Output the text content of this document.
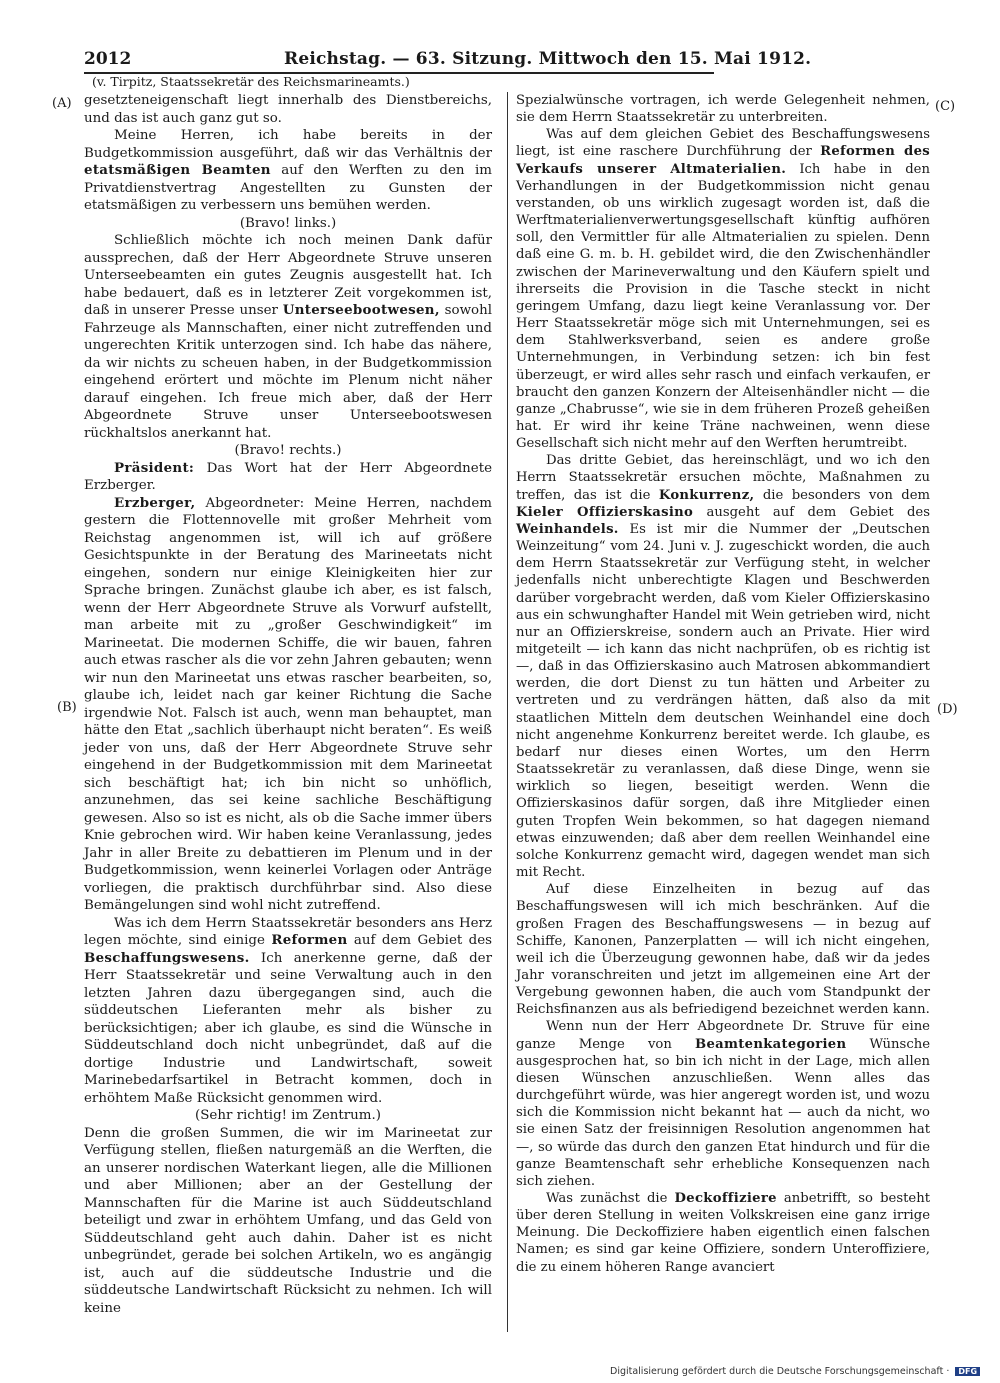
2012	Reichstag. — 63. Sitzung. Mittwoch den 15. Mai 1912.
(v. Tirpitz, Staatssekretär des Reichsmarineamts.)
(A)
(B)
(C)
(D)

gesetzteneigenschaft liegt innerhalb des Dienstbereichs, und das ist auch ganz gut so.

Meine Herren, ich habe bereits in der Budgetkommission ausgeführt, daß wir das Verhältnis der etatsmäßigen Beamten auf den Werften zu den im Privatdienstvertrag Angestellten zu Gunsten der etatsmäßigen zu verbessern uns bemühen werden.

(Bravo! links.)

Schließlich möchte ich noch meinen Dank dafür aussprechen, daß der Herr Abgeordnete Struve unseren Unterseebeamten ein gutes Zeugnis ausgestellt hat. Ich habe bedauert, daß es in letzterer Zeit vorgekommen ist, daß in unserer Presse unser Unterseebootwesen, sowohl Fahrzeuge als Mannschaften, einer nicht zutreffenden und ungerechten Kritik unterzogen sind. Ich habe das nähere, da wir nichts zu scheuen haben, in der Budgetkommission eingehend erörtert und möchte im Plenum nicht näher darauf eingehen. Ich freue mich aber, daß der Herr Abgeordnete Struve unser Unterseebootswesen rückhaltslos anerkannt hat.

(Bravo! rechts.)

Präsident: Das Wort hat der Herr Abgeordnete Erzberger.

Erzberger, Abgeordneter: Meine Herren, nachdem gestern die Flottennovelle mit großer Mehrheit vom Reichstag angenommen ist, will ich auf größere Gesichtspunkte in der Beratung des Marineetats nicht eingehen, sondern nur einige Kleinigkeiten hier zur Sprache bringen. Zunächst glaube ich aber, es ist falsch, wenn der Herr Abgeordnete Struve als Vorwurf aufstellt, man arbeite mit zu „großer Geschwindigkeit“ im Marineetat. Die modernen Schiffe, die wir bauen, fahren auch etwas rascher als die vor zehn Jahren gebauten; wenn wir nun den Marineetat uns etwas rascher bearbeiten, so, glaube ich, leidet nach gar keiner Richtung die Sache irgendwie Not. Falsch ist auch, wenn man behauptet, man hätte den Etat „sachlich überhaupt nicht beraten“. Es weiß jeder von uns, daß der Herr Abgeordnete Struve sehr eingehend in der Budgetkommission mit dem Marineetat sich beschäftigt hat; ich bin nicht so unhöflich, anzunehmen, das sei keine sachliche Beschäftigung gewesen. Also so ist es nicht, als ob die Sache immer übers Knie gebrochen wird. Wir haben keine Veranlassung, jedes Jahr in aller Breite zu debattieren im Plenum und in der Budgetkommission, wenn keinerlei Vorlagen oder Anträge vorliegen, die praktisch durchführbar sind. Also diese Bemängelungen sind wohl nicht zutreffend.

Was ich dem Herrn Staatssekretär besonders ans Herz legen möchte, sind einige Reformen auf dem Gebiet des Beschaffungswesens. Ich anerkenne gerne, daß der Herr Staatssekretär und seine Verwaltung auch in den letzten Jahren dazu übergegangen sind, auch die süddeutschen Lieferanten mehr als bisher zu berücksichtigen; aber ich glaube, es sind die Wünsche in Süddeutschland doch nicht unbegründet, daß auf die dortige Industrie und Landwirtschaft, soweit Marinebedarfsartikel in Betracht kommen, doch in erhöhtem Maße Rücksicht genommen wird.

(Sehr richtig! im Zentrum.)

Denn die großen Summen, die wir im Marineetat zur Verfügung stellen, fließen naturgemäß an die Werften, die an unserer nordischen Waterkant liegen, alle die Millionen und aber Millionen; aber an der Gestellung der Mannschaften für die Marine ist auch Süddeutschland beteiligt und zwar in erhöhtem Umfang, und das Geld von Süddeutschland geht auch dahin. Daher ist es nicht unbegründet, gerade bei solchen Artikeln, wo es angängig ist, auch auf die süddeutsche Industrie und die süddeutsche Landwirtschaft Rücksicht zu nehmen. Ich will keine

Spezialwünsche vortragen, ich werde Gelegenheit nehmen, sie dem Herrn Staatssekretär zu unterbreiten.

Was auf dem gleichen Gebiet des Beschaffungswesens liegt, ist eine raschere Durchführung der Reformen des Verkaufs unserer Altmaterialien. Ich habe in den Verhandlungen in der Budgetkommission nicht genau verstanden, ob uns wirklich zugesagt worden ist, daß die Werftmaterialienverwertungsgesellschaft künftig aufhören soll, den Vermittler für alle Altmaterialien zu spielen. Denn daß eine G. m. b. H. gebildet wird, die den Zwischenhändler zwischen der Marineverwaltung und den Käufern spielt und ihrerseits die Provision in die Tasche steckt in nicht geringem Umfang, dazu liegt keine Veranlassung vor. Der Herr Staatssekretär möge sich mit Unternehmungen, sei es dem Stahlwerksverband, seien es andere große Unternehmungen, in Verbindung setzen: ich bin fest überzeugt, er wird alles sehr rasch und einfach verkaufen, er braucht den ganzen Konzern der Alteisenhändler nicht — die ganze „Chabrusse“, wie sie in dem früheren Prozeß geheißen hat. Er wird ihr keine Träne nachweinen, wenn diese Gesellschaft sich nicht mehr auf den Werften herumtreibt.

Das dritte Gebiet, das hereinschlägt, und wo ich den Herrn Staatssekretär ersuchen möchte, Maßnahmen zu treffen, das ist die Konkurrenz, die besonders von dem Kieler Offizierskasino ausgeht auf dem Gebiet des Weinhandels. Es ist mir die Nummer der „Deutschen Weinzeitung“ vom 24. Juni v. J. zugeschickt worden, die auch dem Herrn Staatssekretär zur Verfügung steht, in welcher jedenfalls nicht unberechtigte Klagen und Beschwerden darüber vorgebracht werden, daß vom Kieler Offizierskasino aus ein schwunghafter Handel mit Wein getrieben wird, nicht nur an Offizierskreise, sondern auch an Private. Hier wird mitgeteilt — ich kann das nicht nachprüfen, ob es richtig ist —, daß in das Offizierskasino auch Matrosen abkommandiert werden, die dort Dienst zu tun hätten und Arbeiter zu vertreten und zu verdrängen hätten, daß also da mit staatlichen Mitteln dem deutschen Weinhandel eine doch nicht angenehme Konkurrenz bereitet werde. Ich glaube, es bedarf nur dieses einen Wortes, um den Herrn Staatssekretär zu veranlassen, daß diese Dinge, wenn sie wirklich so liegen, beseitigt werden. Wenn die Offizierskasinos dafür sorgen, daß ihre Mitglieder einen guten Tropfen Wein bekommen, so hat dagegen niemand etwas einzuwenden; daß aber dem reellen Weinhandel eine solche Konkurrenz gemacht wird, dagegen wendet man sich mit Recht.

Auf diese Einzelheiten in bezug auf das Beschaffungswesen will ich mich beschränken. Auf die großen Fragen des Beschaffungswesens — in bezug auf Schiffe, Kanonen, Panzerplatten — will ich nicht eingehen, weil ich die Überzeugung gewonnen habe, daß wir da jedes Jahr voranschreiten und jetzt im allgemeinen eine Art der Vergebung gewonnen haben, die auch vom Standpunkt der Reichsfinanzen aus als befriedigend bezeichnet werden kann.

Wenn nun der Herr Abgeordnete Dr. Struve für eine ganze Menge von Beamtenkategorien Wünsche ausgesprochen hat, so bin ich nicht in der Lage, mich allen diesen Wünschen anzuschließen. Wenn alles das durchgeführt würde, was hier angeregt worden ist, und wozu sich die Kommission nicht bekannt hat — auch da nicht, wo sie einen Satz der freisinnigen Resolution angenommen hat —, so würde das durch den ganzen Etat hindurch und für die ganze Beamtenschaft sehr erhebliche Konsequenzen nach sich ziehen.

Was zunächst die Deckoffiziere anbetrifft, so besteht über deren Stellung in weiten Volkskreisen eine ganz irrige Meinung. Die Deckoffiziere haben eigentlich einen falschen Namen; es sind gar keine Offiziere, sondern Unteroffiziere, die zu einem höheren Range avanciert

Digitalisierung gefördert durch die Deutsche Forschungsgemeinschaft · DFG
